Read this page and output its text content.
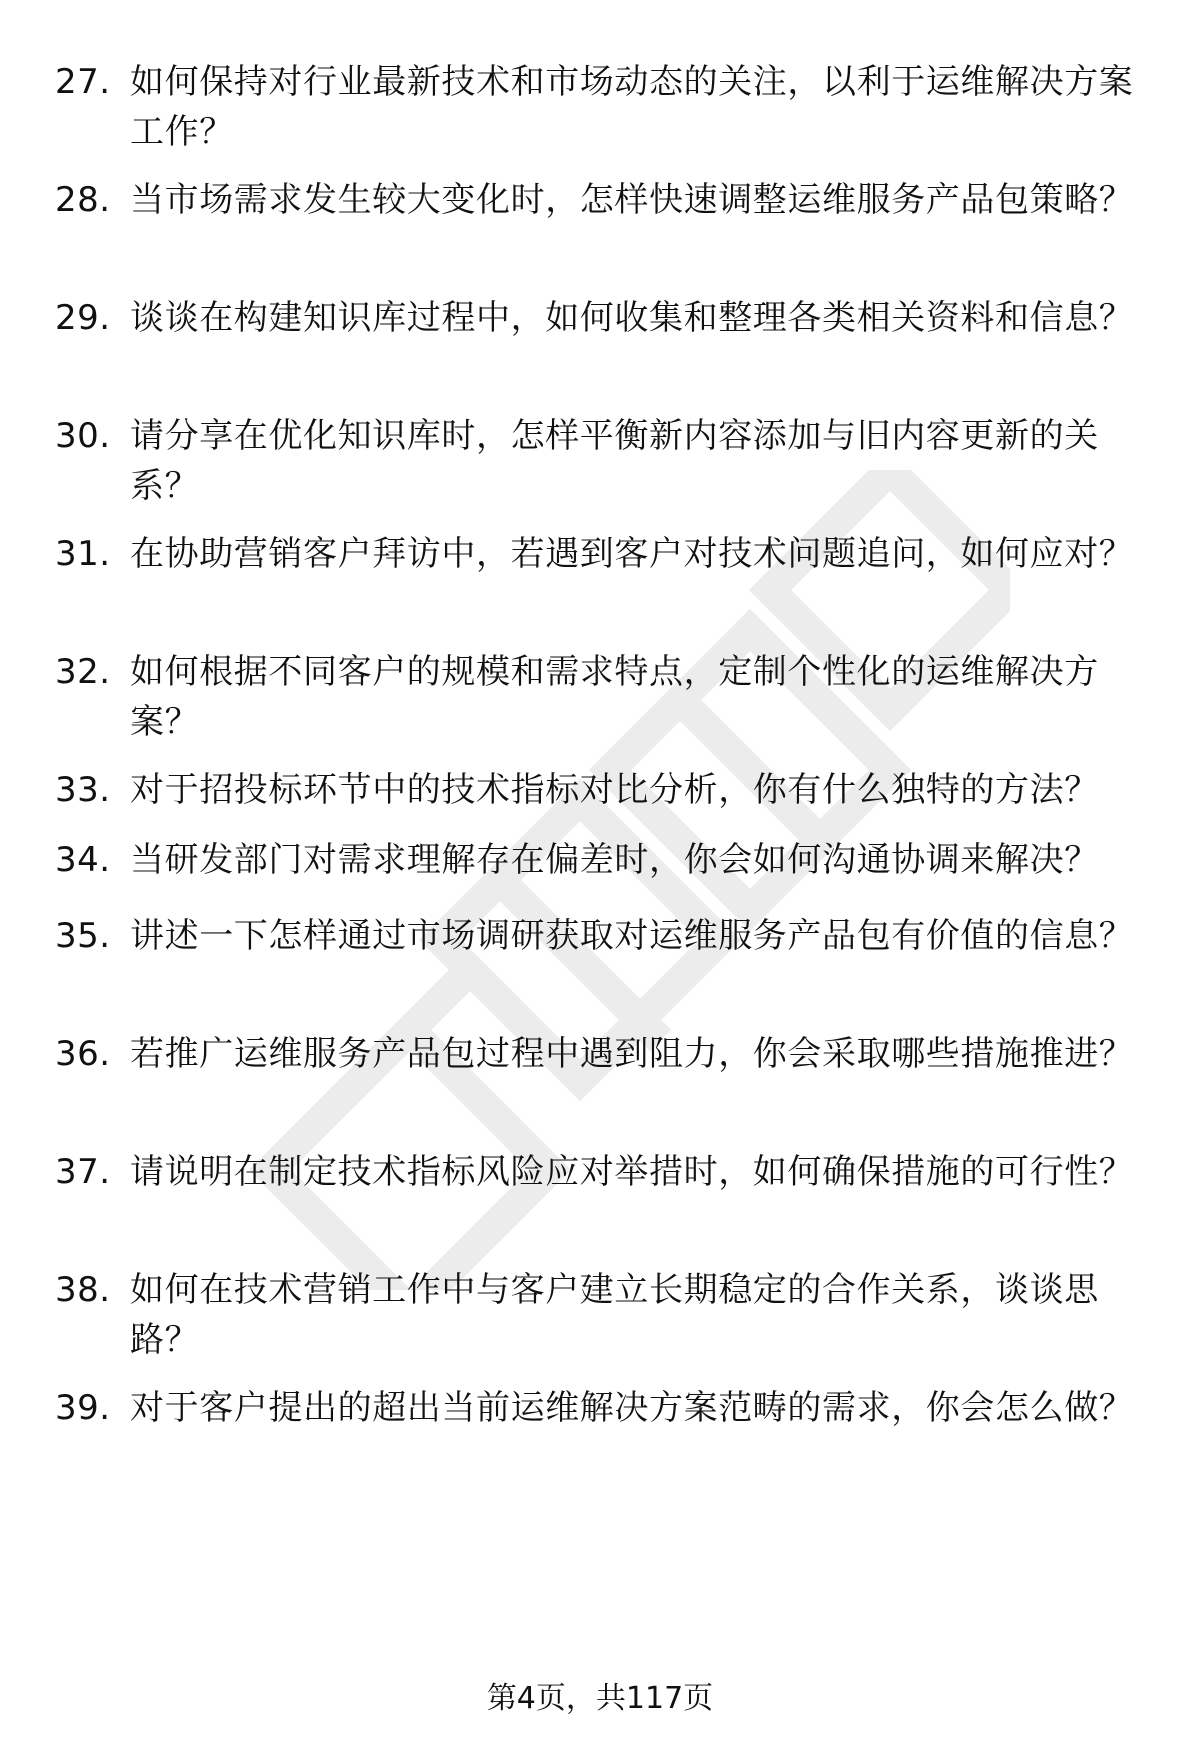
27. 如何保持对行业最新技术和市场动态的关注，以利于运维解决方案工作？
28. 当市场需求发生较大变化时，怎样快速调整运维服务产品包策略？
29. 谈谈在构建知识库过程中，如何收集和整理各类相关资料和信息？
30. 请分享在优化知识库时，怎样平衡新内容添加与旧内容更新的关系？
31. 在协助营销客户拜访中，若遇到客户对技术问题追问，如何应对？
32. 如何根据不同客户的规模和需求特点，定制个性化的运维解决方案？
33. 对于招投标环节中的技术指标对比分析，你有什么独特的方法？
34. 当研发部门对需求理解存在偏差时，你会如何沟通协调来解决？
35. 讲述一下怎样通过市场调研获取对运维服务产品包有价值的信息？
36. 若推广运维服务产品包过程中遇到阻力，你会采取哪些措施推进？
37. 请说明在制定技术指标风险应对举措时，如何确保措施的可行性？
38. 如何在技术营销工作中与客户建立长期稳定的合作关系，谈谈思路？
39. 对于客户提出的超出当前运维解决方案范畴的需求，你会怎么做？
第4页，共117页
